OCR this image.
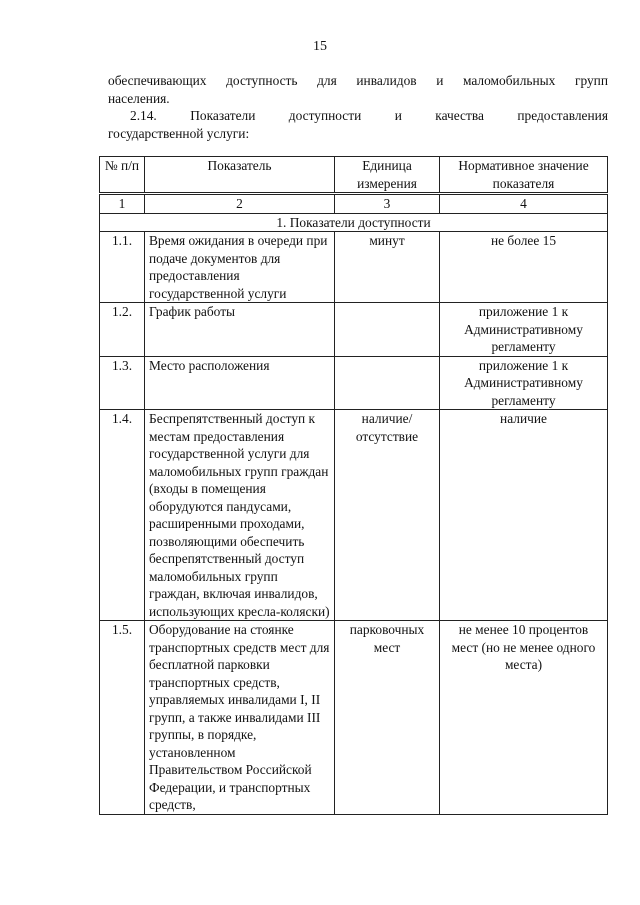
15
обеспечивающих доступность для инвалидов и маломобильных групп
населения.
2.14. Показатели доступности и качества предоставления
государственной услуги:
№ п/п	Показатель	Единица измерения	Нормативное значение показателя
1	2	3	4
1. Показатели доступности			
1.1.	Время ожидания в очереди при подаче документов для предоставления государственной услуги	минут	не более 15
1.2.	График работы		приложение 1 к Административному регламенту
1.3.	Место расположения		приложение 1 к Административному регламенту
1.4.	Беспрепятственный доступ к местам предоставления государственной услуги для маломобильных групп граждан (входы в помещения оборудуются пандусами, расширенными проходами, позволяющими обеспечить беспрепятственный доступ маломобильных групп граждан, включая инвалидов, использующих кресла-коляски)	наличие/ отсутствие	наличие
1.5.	Оборудование на стоянке транспортных средств мест для бесплатной парковки транспортных средств, управляемых инвалидами I, II групп, а также инвалидами III группы, в порядке, установленном Правительством Российской Федерации, и транспортных средств,	парковочных мест	не менее 10 процентов мест (но не менее одного места)
